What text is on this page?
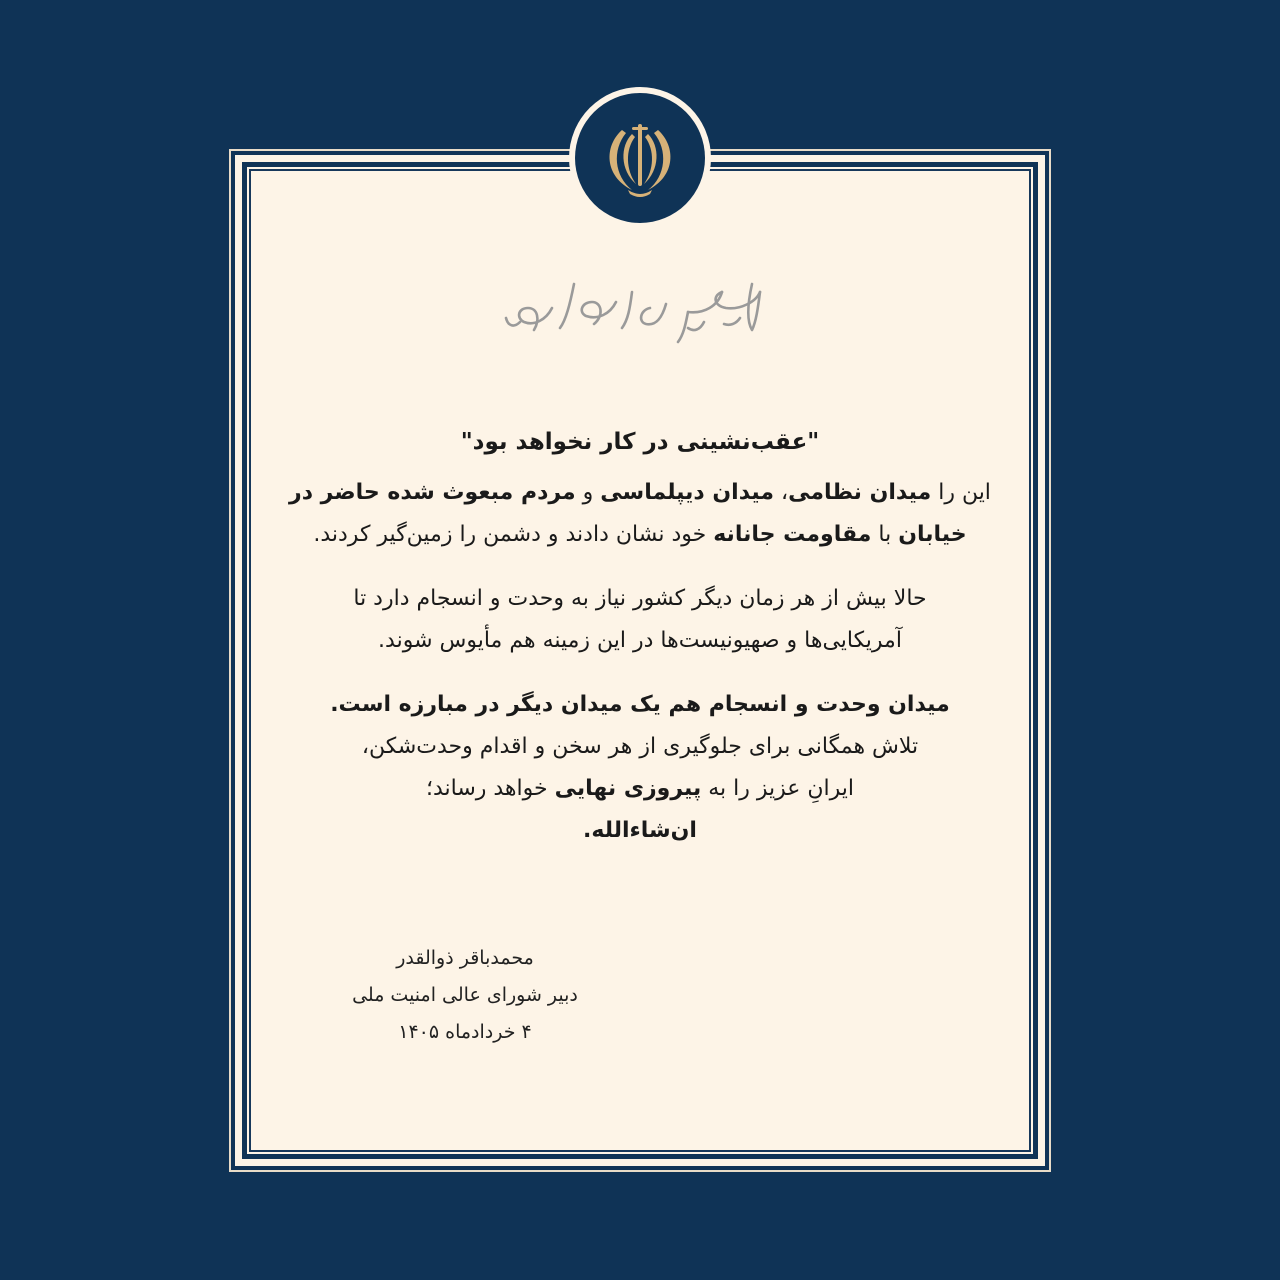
"عقب‌نشینی در کار نخواهد بود"
این را میدان نظامی، میدان دیپلماسی و مردم مبعوث شده حاضر در
خیابان با مقاومت جانانه خود نشان دادند و دشمن را زمین‌گیر کردند.
حالا بیش از هر زمان دیگر کشور نیاز به وحدت و انسجام دارد تا
آمریکایی‌ها و صهیونیست‌ها در این زمینه هم مأیوس شوند.
میدان وحدت و انسجام هم یک میدان دیگر در مبارزه است.
تلاش همگانی برای جلوگیری از هر سخن و اقدام وحدت‌شکن،
ایرانِ عزیز را به پیروزی نهایی خواهد رساند؛
ان‌شاءالله.
محمدباقر ذوالقدر
دبیر شورای عالی امنیت ملی
۴ خردادماه ۱۴۰۵
